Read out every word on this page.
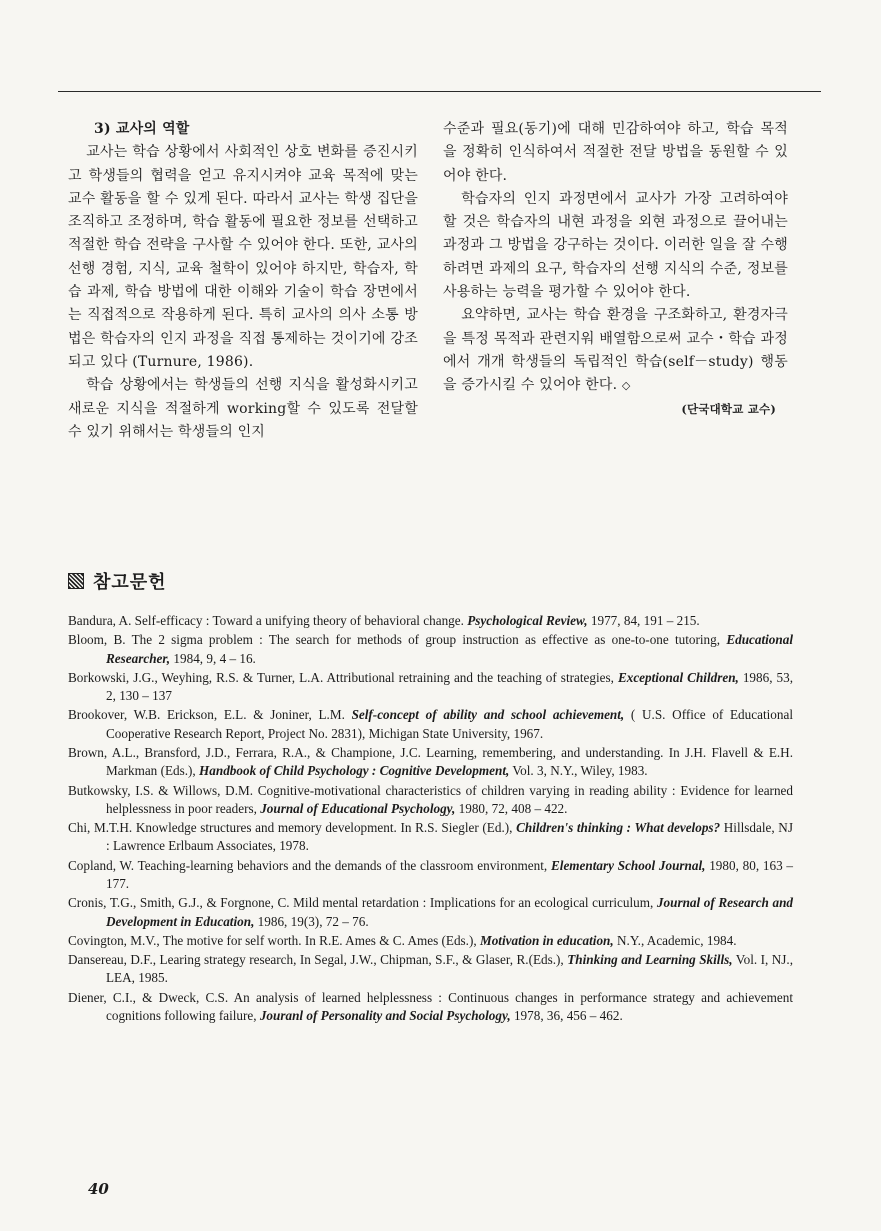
3) 교사의 역할

교사는 학습 상황에서 사회적인 상호 변화를 증진시키고 학생들의 협력을 얻고 유지시켜야 교육 목적에 맞는 교수 활동을 할 수 있게 된다. 따라서 교사는 학생 집단을 조직하고 조정하며, 학습 활동에 필요한 정보를 선택하고 적절한 학습 전략을 구사할 수 있어야 한다. 또한, 교사의 선행 경험, 지식, 교육 철학이 있어야 하지만, 학습자, 학습 과제, 학습 방법에 대한 이해와 기술이 학습 장면에서는 직접적으로 작용하게 된다. 특히 교사의 의사 소통 방법은 학습자의 인지 과정을 직접 통제하는 것이기에 강조되고 있다 (Turnure, 1986).

학습 상황에서는 학생들의 선행 지식을 활성화시키고 새로운 지식을 적절하게 working할 수 있도록 전달할 수 있기 위해서는 학생들의 인지

수준과 필요(동기)에 대해 민감하여야 하고, 학습 목적을 정확히 인식하여서 적절한 전달 방법을 동원할 수 있어야 한다.

학습자의 인지 과정면에서 교사가 가장 고려하여야 할 것은 학습자의 내현 과정을 외현 과정으로 끌어내는 과정과 그 방법을 강구하는 것이다. 이러한 일을 잘 수행하려면 과제의 요구, 학습자의 선행 지식의 수준, 정보를 사용하는 능력을 평가할 수 있어야 한다.

요약하면, 교사는 학습 환경을 구조화하고, 환경자극을 특정 목적과 관련지워 배열함으로써 교수・학습 과정에서 개개 학생들의 독립적인 학습(self－study) 행동을 증가시킬 수 있어야 한다. ◇

(단국대학교 교수)

참고문헌

Bandura, A. Self-efficacy : Toward a unifying theory of behavioral change. Psychological Review, 1977, 84, 191 – 215.

Bloom, B. The 2 sigma problem : The search for methods of group instruction as effective as one-to-one tutoring, Educational Researcher, 1984, 9, 4 – 16.

Borkowski, J.G., Weyhing, R.S. & Turner, L.A. Attributional retraining and the teaching of strategies, Exceptional Children, 1986, 53, 2, 130 – 137

Brookover, W.B. Erickson, E.L. & Joniner, L.M. Self-concept of ability and school achievement, ( U.S. Office of Educational Cooperative Research Report, Project No. 2831), Michigan State University, 1967.

Brown, A.L., Bransford, J.D., Ferrara, R.A., & Champione, J.C. Learning, remembering, and understanding. In J.H. Flavell & E.H. Markman (Eds.), Handbook of Child Psychology : Cognitive Development, Vol. 3, N.Y., Wiley, 1983.

Butkowsky, I.S. & Willows, D.M. Cognitive-motivational characteristics of children varying in reading ability : Evidence for learned helplessness in poor readers, Journal of Educational Psychology, 1980, 72, 408 – 422.

Chi, M.T.H. Knowledge structures and memory development. In R.S. Siegler (Ed.), Children's thinking : What develops? Hillsdale, NJ : Lawrence Erlbaum Associates, 1978.

Copland, W. Teaching-learning behaviors and the demands of the classroom environment, Elementary School Journal, 1980, 80, 163 – 177.

Cronis, T.G., Smith, G.J., & Forgnone, C. Mild mental retardation : Implications for an ecological curriculum, Journal of Research and Development in Education, 1986, 19(3), 72 – 76.

Covington, M.V., The motive for self worth. In R.E. Ames & C. Ames (Eds.), Motivation in education, N.Y., Academic, 1984.

Dansereau, D.F., Learing strategy research, In Segal, J.W., Chipman, S.F., & Glaser, R.(Eds.), Thinking and Learning Skills, Vol. I, NJ., LEA, 1985.

Diener, C.I., & Dweck, C.S. An analysis of learned helplessness : Continuous changes in performance strategy and achievement cognitions following failure, Jouranl of Personality and Social Psychology, 1978, 36, 456 – 462.

40
